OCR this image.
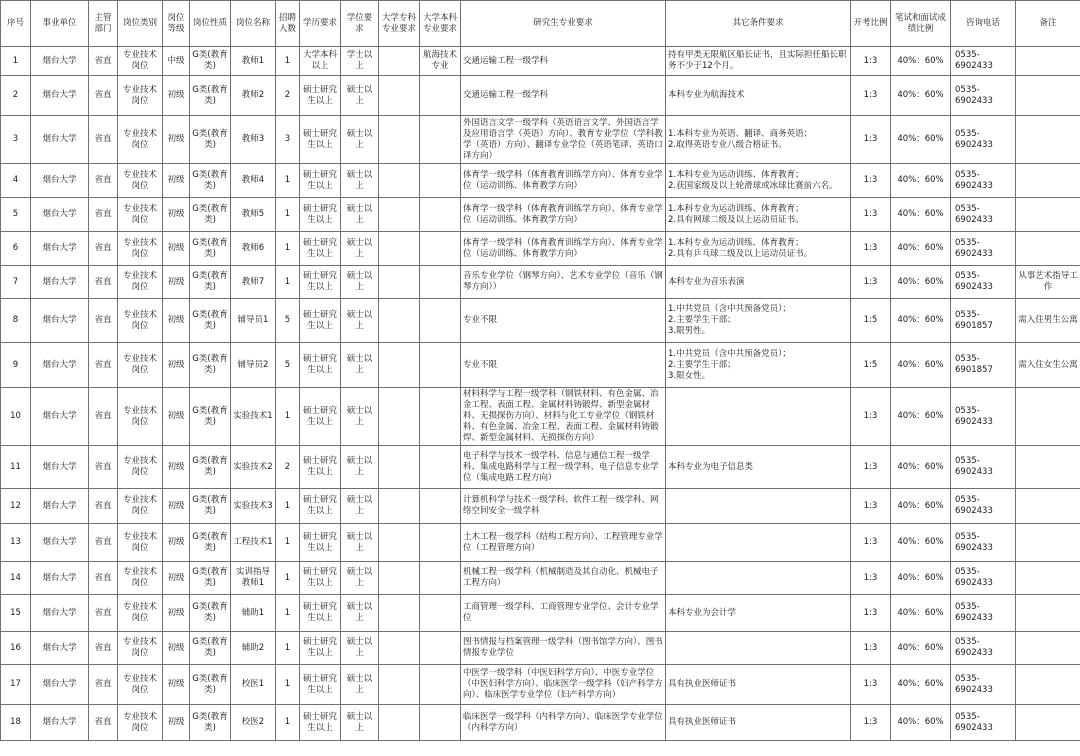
序号	事业单位	主管部门	岗位类别	岗位等级	岗位性质	岗位名称	招聘人数	学历要求	学位要求	大学专科专业要求	大学本科专业要求	研究生专业要求	其它条件要求	开考比例	笔试和面试成绩比例	咨询电话	备注
1	烟台大学	省直	专业技术岗位	中级	G类(教育类)	教师1	1	大学本科以上	学士以上		航海技术专业	交通运输工程一级学科	持有甲类无限航区船长证书，且实际担任船长职务不少于12个月。	1:3	40%：60%	0535-6902433	
2	烟台大学	省直	专业技术岗位	初级	G类(教育类)	教师2	2	硕士研究生以上	硕士以上			交通运输工程一级学科	本科专业为航海技术	1:3	40%：60%	0535-6902433	
3	烟台大学	省直	专业技术岗位	初级	G类(教育类)	教师3	3	硕士研究生以上	硕士以上			外国语言文学一级学科（英语语言文学、外国语言学及应用语言学（英语）方向）、教育专业学位（学科教学（英语）方向）、翻译专业学位（英语笔译、英语口译方向）	1.本科专业为英语、翻译、商务英语；
2.取得英语专业八级合格证书。	1:3	40%：60%	0535-6902433	
4	烟台大学	省直	专业技术岗位	初级	G类(教育类)	教师4	1	硕士研究生以上	硕士以上			体育学一级学科（体育教育训练学方向）、体育专业学位（运动训练、体育教学方向）	1.本科专业为运动训练、体育教育；
2.获国家级及以上轮滑球或冰球比赛前六名。	1:3	40%：60%	0535-6902433	
5	烟台大学	省直	专业技术岗位	初级	G类(教育类)	教师5	1	硕士研究生以上	硕士以上			体育学一级学科（体育教育训练学方向）、体育专业学位（运动训练、体育教学方向）	1.本科专业为运动训练、体育教育；
2.具有网球二级及以上运动员证书。	1:3	40%：60%	0535-6902433	
6	烟台大学	省直	专业技术岗位	初级	G类(教育类)	教师6	1	硕士研究生以上	硕士以上			体育学一级学科（体育教育训练学方向）、体育专业学位（运动训练、体育教学方向）	1.本科专业为运动训练、体育教育；
2.具有乒乓球二级及以上运动员证书。	1:3	40%：60%	0535-6902433	
7	烟台大学	省直	专业技术岗位	初级	G类(教育类)	教师7	1	硕士研究生以上	硕士以上			音乐专业学位（钢琴方向）、艺术专业学位（音乐（钢琴方向））	本科专业为音乐表演	1:3	40%：60%	0535-6902433	从事艺术指导工作
8	烟台大学	省直	专业技术岗位	初级	G类(教育类)	辅导员1	5	硕士研究生以上	硕士以上			专业不限	1.中共党员（含中共预备党员）；
2.主要学生干部；
3.限男性。	1:5	40%：60%	0535-6901857	需入住男生公寓
9	烟台大学	省直	专业技术岗位	初级	G类(教育类)	辅导员2	5	硕士研究生以上	硕士以上			专业不限	1.中共党员（含中共预备党员）；
2.主要学生干部；
3.限女性。	1:5	40%：60%	0535-6901857	需入住女生公寓
10	烟台大学	省直	专业技术岗位	初级	G类(教育类)	实验技术1	1	硕士研究生以上	硕士以上			材料科学与工程一级学科（钢铁材料、有色金属、冶金工程、表面工程、金属材料铸锻焊、新型金属材料、无损探伤方向）、材料与化工专业学位（钢铁材料、有色金属、冶金工程、表面工程、金属材料铸锻焊、新型金属材料、无损探伤方向）		1:3	40%：60%	0535-6902433	
11	烟台大学	省直	专业技术岗位	初级	G类(教育类)	实验技术2	2	硕士研究生以上	硕士以上			电子科学与技术一级学科、信息与通信工程一级学科、集成电路科学与工程一级学科、电子信息专业学位（集成电路工程方向）	本科专业为电子信息类	1:3	40%：60%	0535-6902433	
12	烟台大学	省直	专业技术岗位	初级	G类(教育类)	实验技术3	1	硕士研究生以上	硕士以上			计算机科学与技术一级学科、软件工程一级学科、网络空间安全一级学科		1:3	40%：60%	0535-6902433	
13	烟台大学	省直	专业技术岗位	初级	G类(教育类)	工程技术1	1	硕士研究生以上	硕士以上			土木工程一级学科（结构工程方向）、工程管理专业学位（工程管理方向）		1:3	40%：60%	0535-6902433	
14	烟台大学	省直	专业技术岗位	初级	G类(教育类)	实训指导教师1	1	硕士研究生以上	硕士以上			机械工程一级学科（机械制造及其自动化、机械电子工程方向）		1:3	40%：60%	0535-6902433	
15	烟台大学	省直	专业技术岗位	初级	G类(教育类)	辅助1	1	硕士研究生以上	硕士以上			工商管理一级学科、工商管理专业学位、会计专业学位	本科专业为会计学	1:3	40%：60%	0535-6902433	
16	烟台大学	省直	专业技术岗位	初级	G类(教育类)	辅助2	1	硕士研究生以上	硕士以上			图书情报与档案管理一级学科（图书馆学方向）、图书情报专业学位		1:3	40%：60%	0535-6902433	
17	烟台大学	省直	专业技术岗位	初级	G类(教育类)	校医1	1	硕士研究生以上	硕士以上			中医学一级学科（中医妇科学方向）、中医专业学位（中医妇科学方向）、临床医学一级学科（妇产科学方向）、临床医学专业学位（妇产科学方向）	具有执业医师证书	1:3	40%：60%	0535-6902433	
18	烟台大学	省直	专业技术岗位	初级	G类(教育类)	校医2	1	硕士研究生以上	硕士以上			临床医学一级学科（内科学方向）、临床医学专业学位（内科学方向）	具有执业医师证书	1:3	40%：60%	0535-6902433	
